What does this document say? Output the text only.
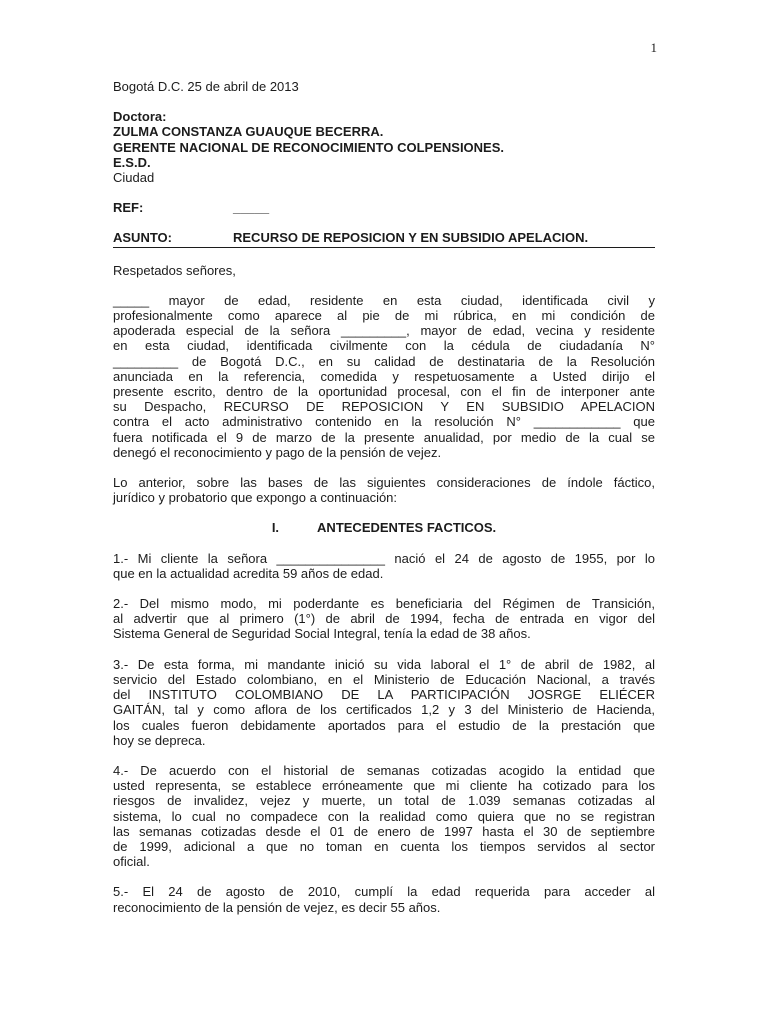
1
Bogotá D.C. 25 de abril de 2013
Doctora:
ZULMA CONSTANZA GUAUQUE BECERRA.
GERENTE NACIONAL DE RECONOCIMIENTO COLPENSIONES.
E.S.D.
Ciudad
REF:	_____
ASUNTO:	RECURSO DE REPOSICION Y EN SUBSIDIO APELACION.
Respetados señores,
_____ mayor de edad, residente en esta ciudad, identificada civil y
profesionalmente como aparece al pie de mi rúbrica, en mi condición de
apoderada especial de la señora _________, mayor de edad, vecina y residente
en esta ciudad, identificada civilmente con la cédula de ciudadanía N°
_________ de Bogotá D.C., en su calidad de destinataria de la Resolución
anunciada en la referencia, comedida y respetuosamente a Usted dirijo el
presente escrito, dentro de la oportunidad procesal, con el fin de interponer ante
su Despacho, RECURSO DE REPOSICION Y EN SUBSIDIO APELACION
contra el acto administrativo contenido en la resolución N° ____________ que
fuera notificada el 9 de marzo de la presente anualidad, por medio de la cual se
denegó el reconocimiento y pago de la pensión de vejez.
Lo anterior, sobre las bases de las siguientes consideraciones de índole fáctico,
jurídico y probatorio que expongo a continuación:
I.	ANTECEDENTES FACTICOS.
1.- Mi cliente la señora _______________ nació el 24 de agosto de 1955, por lo
que en la actualidad acredita 59 años de edad.
2.- Del mismo modo, mi poderdante es beneficiaria del Régimen de Transición,
al advertir que al primero (1°) de abril de 1994, fecha de entrada en vigor del
Sistema General de Seguridad Social Integral, tenía la edad de 38 años.
3.- De esta forma, mi mandante inició su vida laboral el 1° de abril de 1982, al
servicio del Estado colombiano, en el Ministerio de Educación Nacional, a través
del INSTITUTO COLOMBIANO DE LA PARTICIPACIÓN JOSRGE ELIÉCER
GAITÁN, tal y como aflora de los certificados 1,2 y 3 del Ministerio de Hacienda,
los cuales fueron debidamente aportados para el estudio de la prestación que
hoy se depreca.
4.- De acuerdo con el historial de semanas cotizadas acogido la entidad que
usted representa, se establece erróneamente que mi cliente ha cotizado para los
riesgos de invalidez, vejez y muerte, un total de 1.039 semanas cotizadas al
sistema, lo cual no compadece con la realidad como quiera que no se registran
las semanas cotizadas desde el 01 de enero de 1997 hasta el 30 de septiembre
de 1999, adicional a que no toman en cuenta los tiempos servidos al sector
oficial.
5.- El 24 de agosto de 2010, cumplí la edad requerida para acceder al
reconocimiento de la pensión de vejez, es decir 55 años.
